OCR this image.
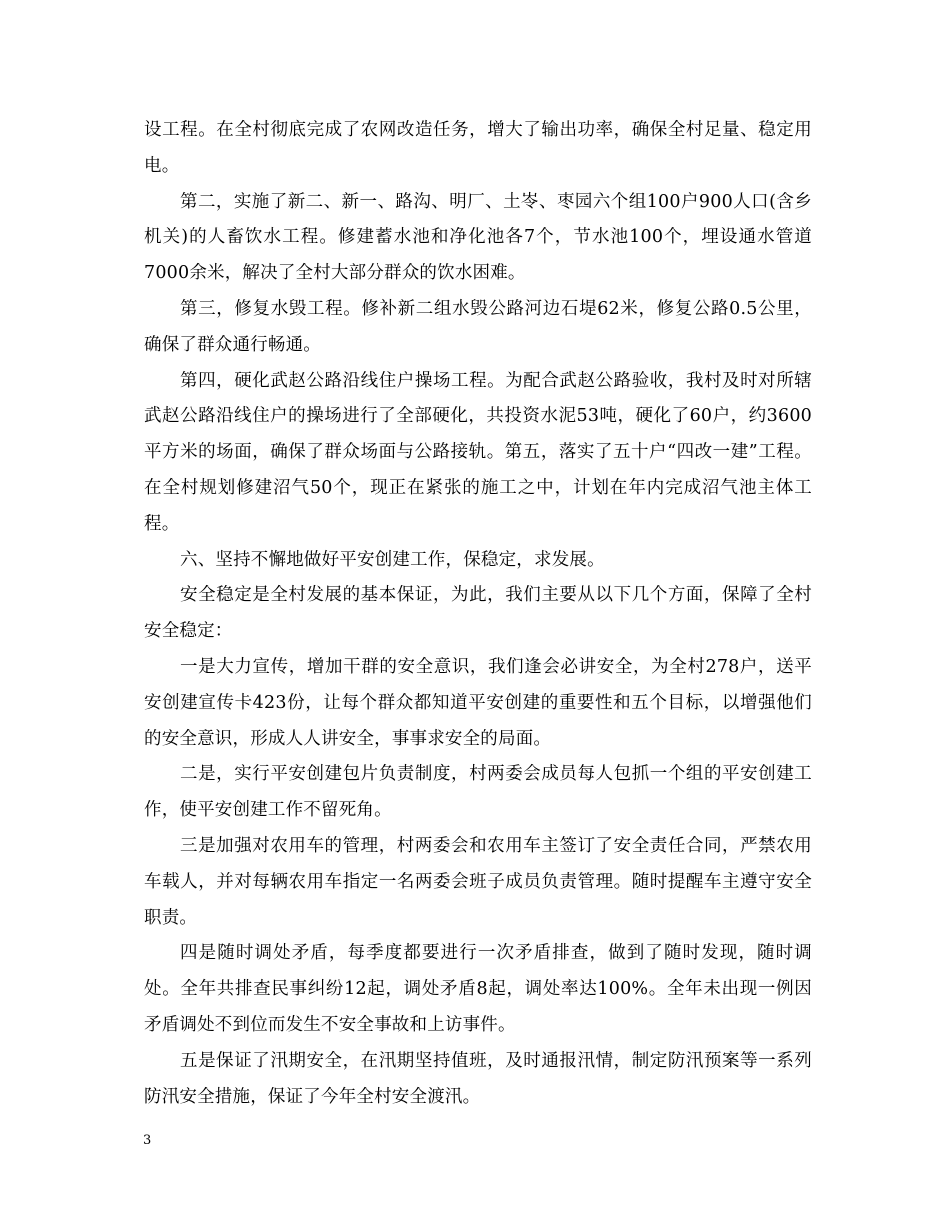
设工程。在全村彻底完成了农网改造任务，增大了输出功率，确保全村足量、稳定用电。

第二，实施了新二、新一、路沟、明厂、土岺、枣园六个组100户900人口(含乡机关)的人畜饮水工程。修建蓄水池和净化池各7个，节水池100个，埋设通水管道7000余米，解决了全村大部分群众的饮水困难。

第三，修复水毁工程。修补新二组水毁公路河边石堤62米，修复公路0.5公里，确保了群众通行畅通。

第四，硬化武赵公路沿线住户操场工程。为配合武赵公路验收，我村及时对所辖武赵公路沿线住户的操场进行了全部硬化，共投资水泥53吨，硬化了60户，约3600平方米的场面，确保了群众场面与公路接轨。第五，落实了五十户“四改一建”工程。在全村规划修建沼气50个，现正在紧张的施工之中，计划在年内完成沼气池主体工程。

六、坚持不懈地做好平安创建工作，保稳定，求发展。

安全稳定是全村发展的基本保证，为此，我们主要从以下几个方面，保障了全村安全稳定：

一是大力宣传，增加干群的安全意识，我们逢会必讲安全，为全村278户，送平安创建宣传卡423份，让每个群众都知道平安创建的重要性和五个目标，以增强他们的安全意识，形成人人讲安全，事事求安全的局面。

二是，实行平安创建包片负责制度，村两委会成员每人包抓一个组的平安创建工作，使平安创建工作不留死角。

三是加强对农用车的管理，村两委会和农用车主签订了安全责任合同，严禁农用车载人，并对每辆农用车指定一名两委会班子成员负责管理。随时提醒车主遵守安全职责。

四是随时调处矛盾，每季度都要进行一次矛盾排查，做到了随时发现，随时调处。全年共排查民事纠纷12起，调处矛盾8起，调处率达100%。全年未出现一例因矛盾调处不到位而发生不安全事故和上访事件。

五是保证了汛期安全，在汛期坚持值班，及时通报汛情，制定防汛预案等一系列防汛安全措施，保证了今年全村安全渡汛。

3
